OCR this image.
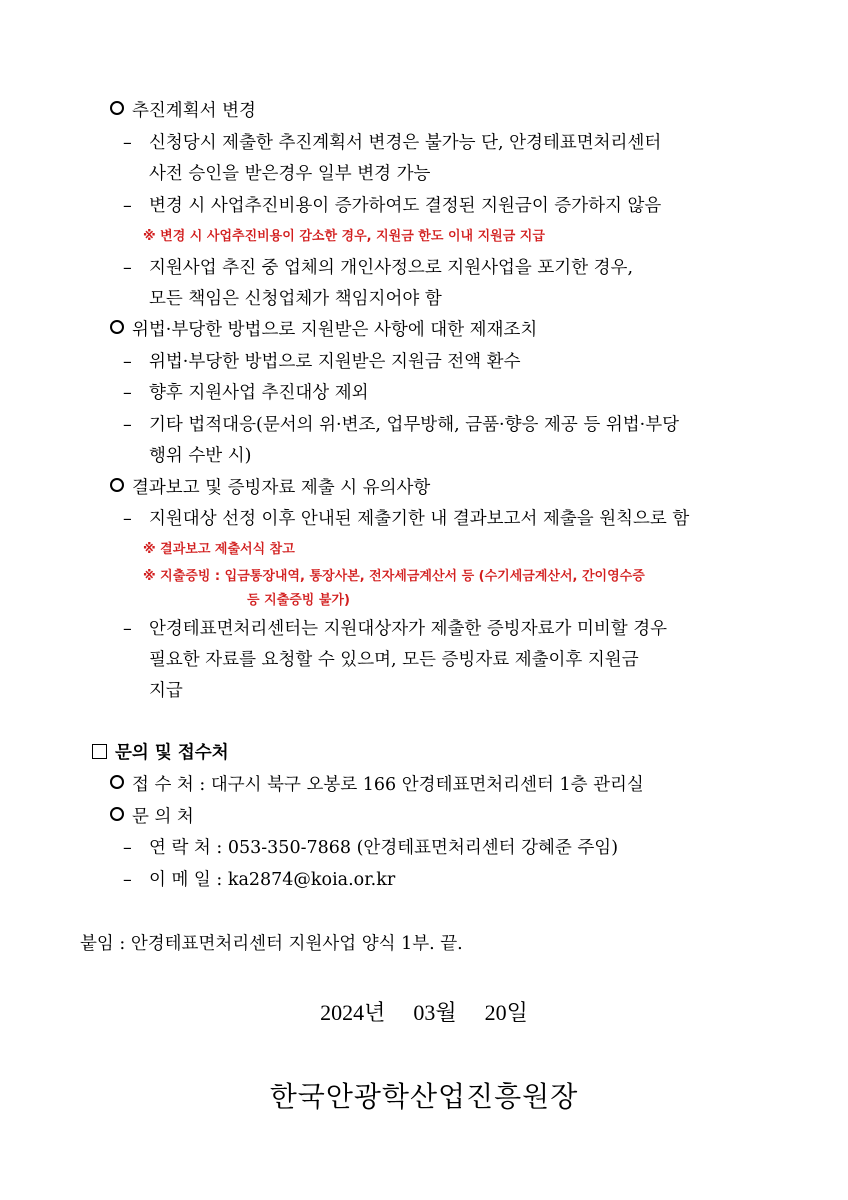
추진계획서 변경
– 신청당시 제출한 추진계획서 변경은 불가능 단, 안경테표면처리센터
사전 승인을 받은경우 일부 변경 가능
– 변경 시 사업추진비용이 증가하여도 결정된 지원금이 증가하지 않음
※ 변경 시 사업추진비용이 감소한 경우, 지원금 한도 이내 지원금 지급
– 지원사업 추진 중 업체의 개인사정으로 지원사업을 포기한 경우,
모든 책임은 신청업체가 책임지어야 함
위법·부당한 방법으로 지원받은 사항에 대한 제재조치
– 위법·부당한 방법으로 지원받은 지원금 전액 환수
– 향후 지원사업 추진대상 제외
– 기타 법적대응(문서의 위·변조, 업무방해, 금품·향응 제공 등 위법·부당
행위 수반 시)
결과보고 및 증빙자료 제출 시 유의사항
– 지원대상 선정 이후 안내된 제출기한 내 결과보고서 제출을 원칙으로 함
※ 결과보고 제출서식 참고
※ 지출증빙 : 입금통장내역, 통장사본, 전자세금계산서 등 (수기세금계산서, 간이영수증
등 지출증빙 불가)
– 안경테표면처리센터는 지원대상자가 제출한 증빙자료가 미비할 경우
필요한 자료를 요청할 수 있으며, 모든 증빙자료 제출이후 지원금
지급
문의 및 접수처
접 수 처 : 대구시 북구 오봉로 166 안경테표면처리센터 1층 관리실
문 의 처
– 연 락 처 : 053-350-7868 (안경테표면처리센터 강혜준 주임)
– 이 메 일 : ka2874@koia.or.kr
붙임 : 안경테표면처리센터 지원사업 양식 1부. 끝.
2024년 03월 20일
한국안광학산업진흥원장
